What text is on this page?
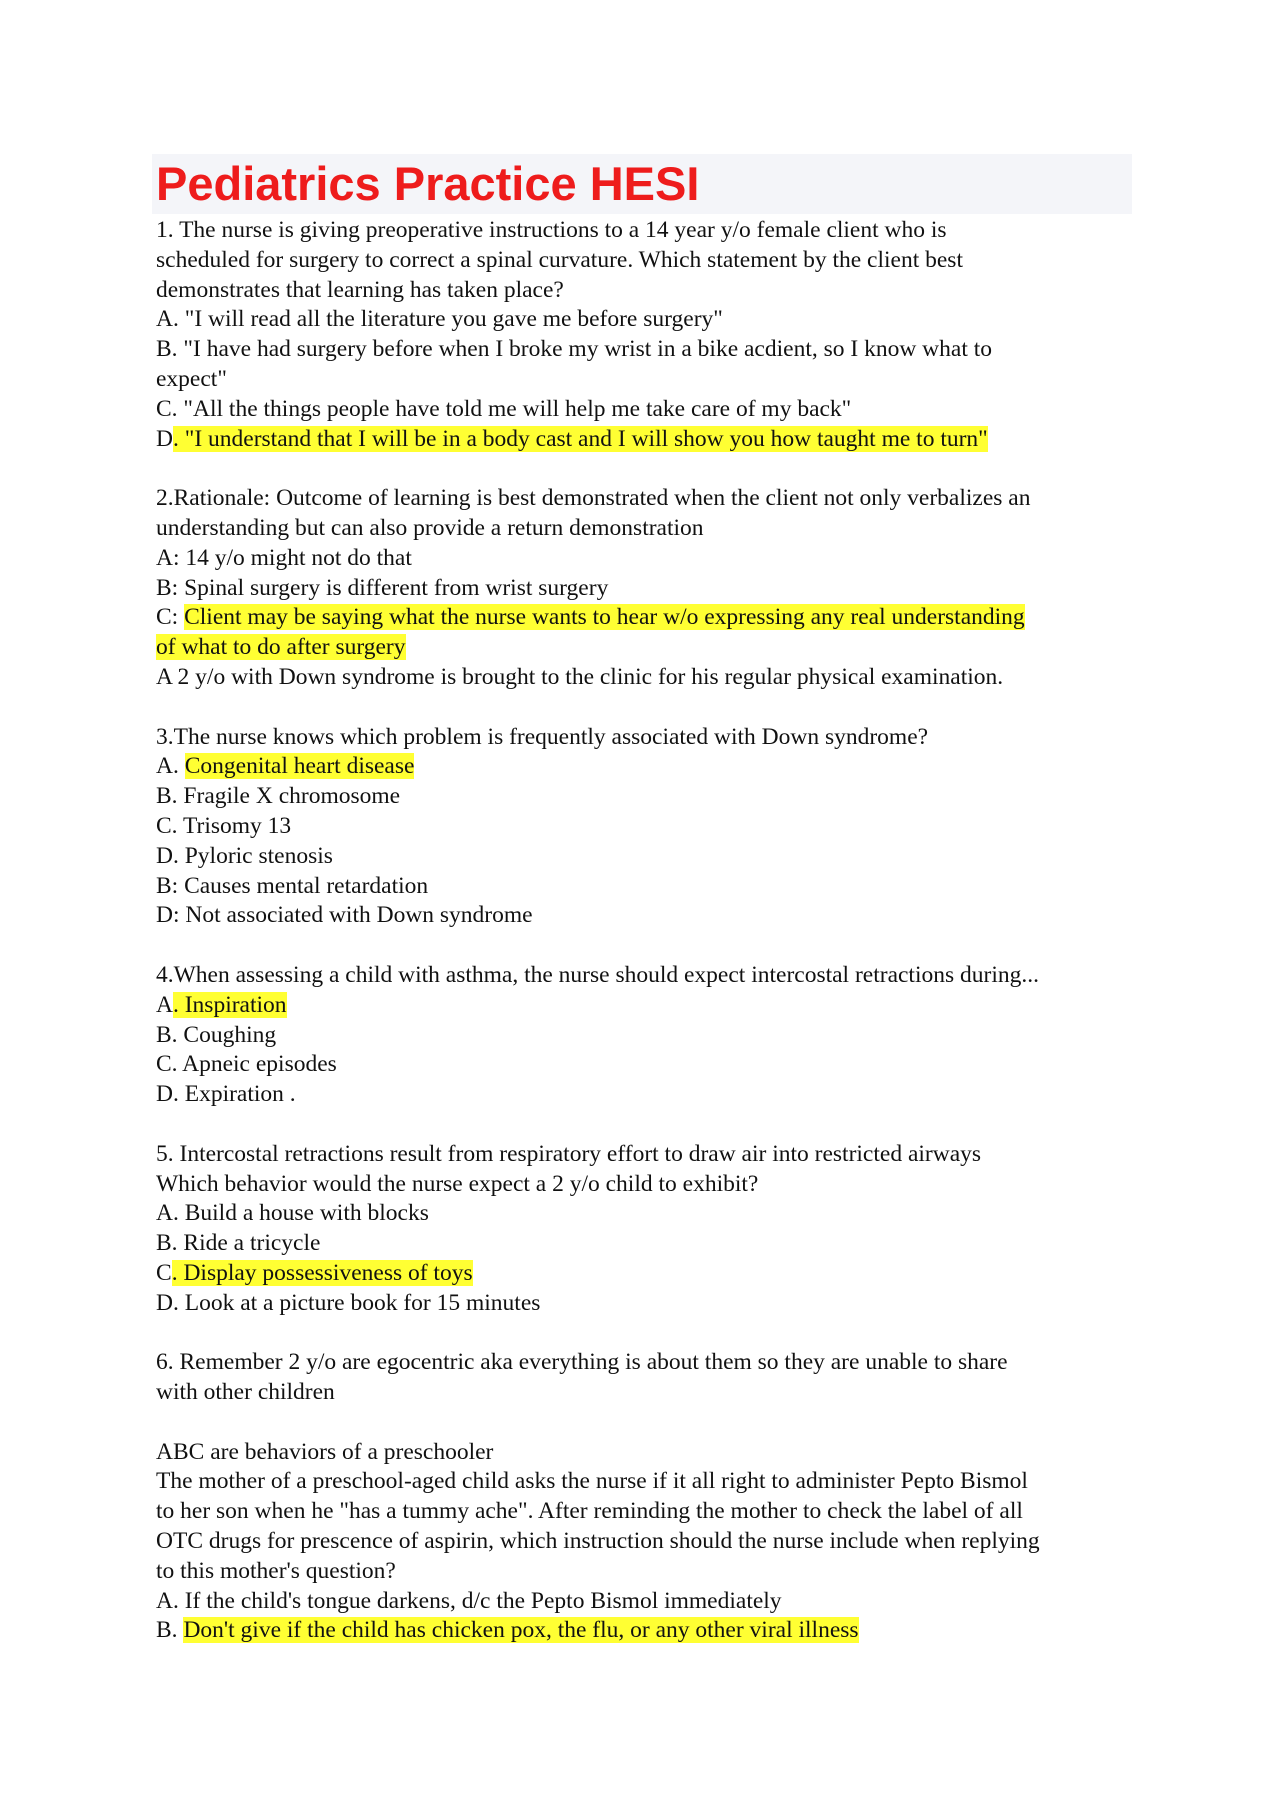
Pediatrics Practice HESI
1. The nurse is giving preoperative instructions to a 14 year y/o female client who is
scheduled for surgery to correct a spinal curvature. Which statement by the client best
demonstrates that learning has taken place?
A. "I will read all the literature you gave me before surgery"
B. "I have had surgery before when I broke my wrist in a bike acdient, so I know what to
expect"
C. "All the things people have told me will help me take care of my back"
D. "I understand that I will be in a body cast and I will show you how taught me to turn"
2.Rationale: Outcome of learning is best demonstrated when the client not only verbalizes an
understanding but can also provide a return demonstration
A: 14 y/o might not do that
B: Spinal surgery is different from wrist surgery
C: Client may be saying what the nurse wants to hear w/o expressing any real understanding
of what to do after surgery
A 2 y/o with Down syndrome is brought to the clinic for his regular physical examination.
3.The nurse knows which problem is frequently associated with Down syndrome?
A. Congenital heart disease
B. Fragile X chromosome
C. Trisomy 13
D. Pyloric stenosis
B: Causes mental retardation
D: Not associated with Down syndrome
4.When assessing a child with asthma, the nurse should expect intercostal retractions during...
A. Inspiration
B. Coughing
C. Apneic episodes
D. Expiration .
5. Intercostal retractions result from respiratory effort to draw air into restricted airways
Which behavior would the nurse expect a 2 y/o child to exhibit?
A. Build a house with blocks
B. Ride a tricycle
C. Display possessiveness of toys
D. Look at a picture book for 15 minutes
6. Remember 2 y/o are egocentric aka everything is about them so they are unable to share
with other children
ABC are behaviors of a preschooler
The mother of a preschool-aged child asks the nurse if it all right to administer Pepto Bismol
to her son when he "has a tummy ache". After reminding the mother to check the label of all
OTC drugs for prescence of aspirin, which instruction should the nurse include when replying
to this mother's question?
A. If the child's tongue darkens, d/c the Pepto Bismol immediately
B. Don't give if the child has chicken pox, the flu, or any other viral illness
